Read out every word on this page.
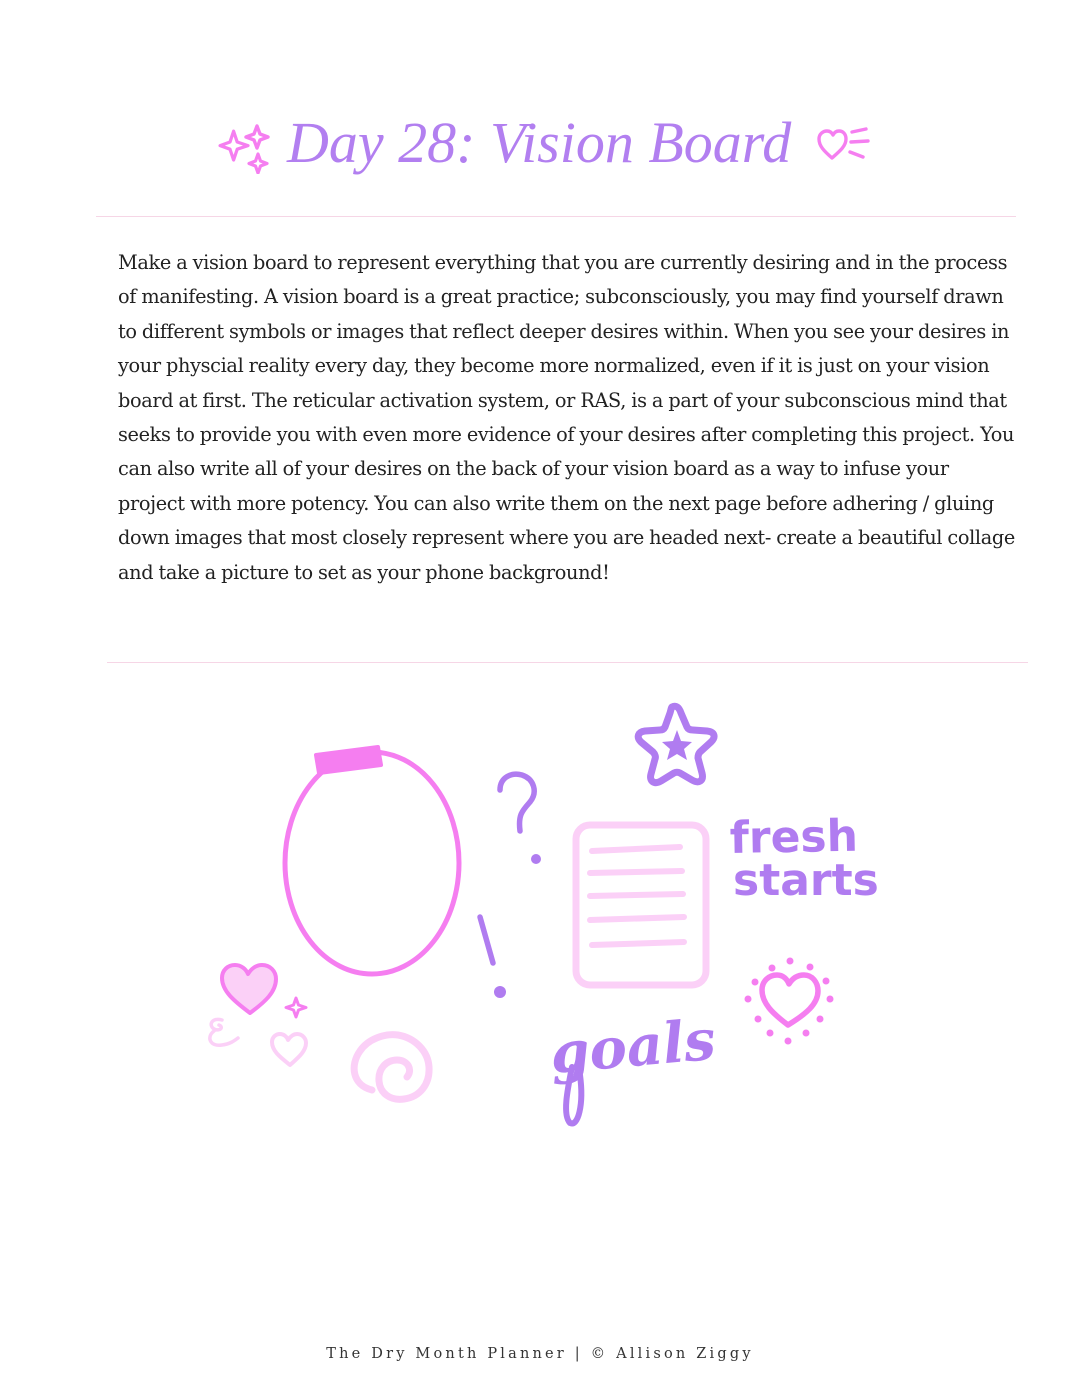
Day 28: Vision Board

Make a vision board to represent everything that you are currently desiring and in the process of manifesting. A vision board is a great practice; subconsciously, you may find yourself drawn to different symbols or images that reflect deeper desires within. When you see your desires in your physcial reality every day, they become more normalized, even if it is just on your vision board at first. The reticular activation system, or RAS, is a part of your subconscious mind that seeks to provide you with even more evidence of your desires after completing this project. You can also write all of your desires on the back of your vision board as a way to infuse your project with more potency. You can also write them on the next page before adhering / gluing down images that most closely represent where you are headed next- create a beautiful collage and take a picture to set as your phone background!

fresh
starts
goals

The Dry Month Planner | © Allison Ziggy
